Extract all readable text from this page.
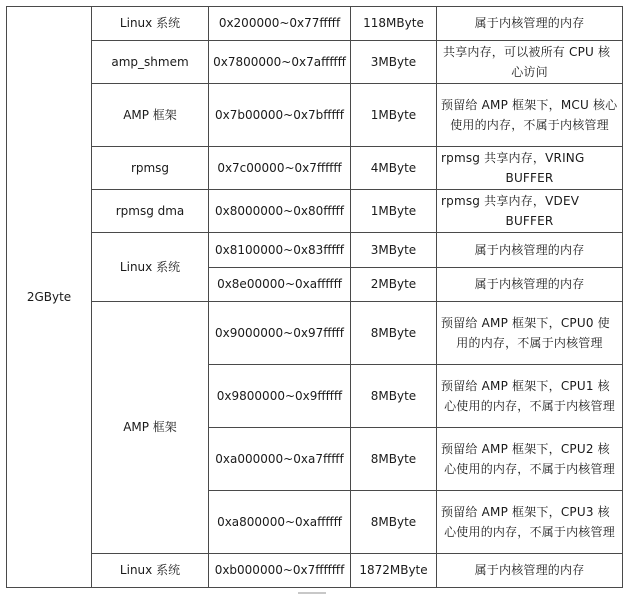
2GByte	Linux 系统	0x200000~0x77fffff	118MByte	属于内核管理的内存

	amp_shmem	0x7800000~0x7affffff	3MByte	共享内存，可以被所有 CPU 核心访问

	AMP 框架	0x7b00000~0x7bfffff	1MByte	预留给 AMP 框架下，MCU 核心使用的内存，不属于内核管理

	rpmsg	0x7c00000~0x7ffffff	4MByte	rpmsg 共享内存，VRING BUFFER

	rpmsg dma	0x8000000~0x80fffff	1MByte	rpmsg 共享内存，VDEV BUFFER

	Linux 系统	0x8100000~0x83fffff	3MByte	属于内核管理的内存

		0x8e00000~0xaffffff	2MByte	属于内核管理的内存

	AMP 框架	0x9000000~0x97fffff	8MByte	预留给 AMP 框架下，CPU0 使用的内存，不属于内核管理

		0x9800000~0x9ffffff	8MByte	预留给 AMP 框架下，CPU1 核心使用的内存，不属于内核管理

		0xa000000~0xa7fffff	8MByte	预留给 AMP 框架下，CPU2 核心使用的内存，不属于内核管理

		0xa800000~0xaffffff	8MByte	预留给 AMP 框架下，CPU3 核心使用的内存，不属于内核管理

	Linux 系统	0xb000000~0x7fffffff	1872MByte	属于内核管理的内存
